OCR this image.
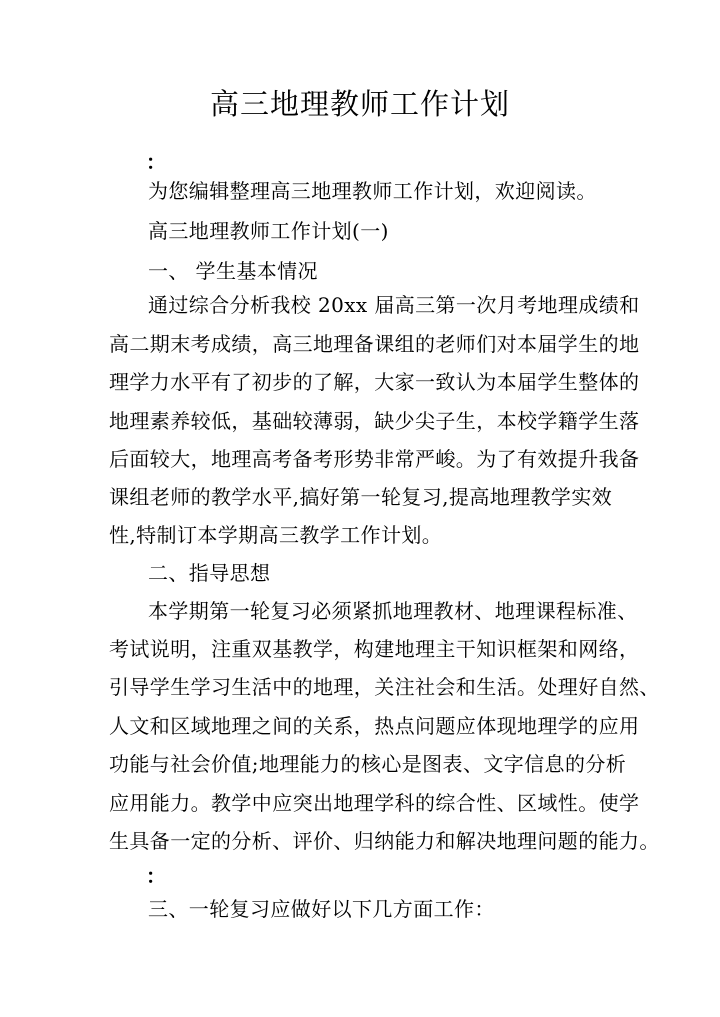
高三地理教师工作计划
：
为您编辑整理高三地理教师工作计划，欢迎阅读。
高三地理教师工作计划(一)
一、 学生基本情况
通过综合分析我校 20xx 届高三第一次月考地理成绩和
高二期末考成绩，高三地理备课组的老师们对本届学生的地
理学力水平有了初步的了解，大家一致认为本届学生整体的
地理素养较低，基础较薄弱，缺少尖子生，本校学籍学生落
后面较大，地理高考备考形势非常严峻。为了有效提升我备
课组老师的教学水平,搞好第一轮复习,提高地理教学实效
性,特制订本学期高三教学工作计划。
二、指导思想
本学期第一轮复习必须紧抓地理教材、地理课程标准、
考试说明，注重双基教学，构建地理主干知识框架和网络，
引导学生学习生活中的地理，关注社会和生活。处理好自然、
人文和区域地理之间的关系，热点问题应体现地理学的应用
功能与社会价值;地理能力的核心是图表、文字信息的分析
应用能力。教学中应突出地理学科的综合性、区域性。使学
生具备一定的分析、评价、归纳能力和解决地理问题的能力。
：
三、一轮复习应做好以下几方面工作：
